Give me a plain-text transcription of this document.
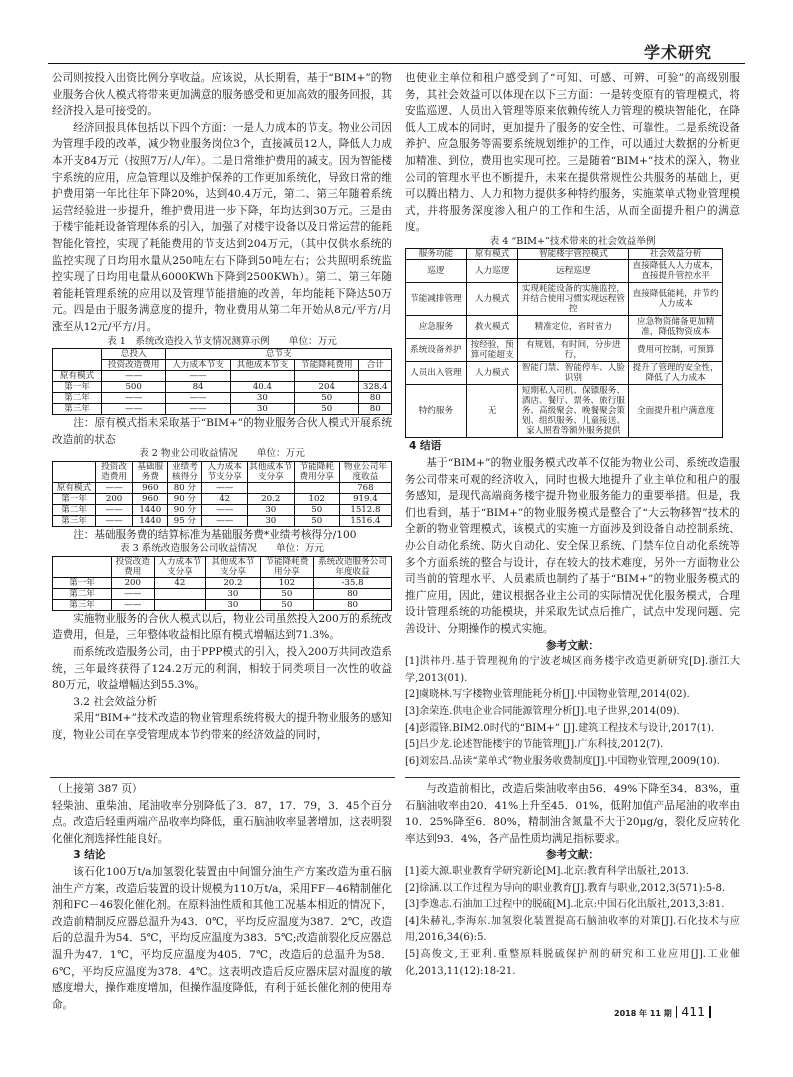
学术研究

公司则按投入出资比例分享收益。应该说，从长期看，基于“BIM+”的物业服务合伙人模式将带来更加满意的服务感受和更加高效的服务回报，其经济投入是可接受的。

经济回报具体包括以下四个方面：一是人力成本的节支。物业公司因为管理手段的改革，减少物业服务岗位3个，直接减员12人，降低人力成本开支84万元（按照7万/人/年）。二是日常维护费用的减支。因为智能楼宇系统的应用，应急管理以及维护保养的工作更加系统化，导致日常的维护费用第一年比往年下降20%，达到40.4万元，第二、第三年随着系统运营经验进一步提升，维护费用进一步下降，年均达到30万元。三是由于楼宇能耗设备管理体系的引入，加强了对楼宇设备以及日常运营的能耗智能化管控，实现了耗能费用的节支达到204万元，（其中仅供水系统的监控实现了日均用水量从250吨左右下降到50吨左右；公共照明系统监控实现了日均用电量从6000KWh下降到2500KWh）。第二、第三年随着能耗管理系统的应用以及管理节能措施的改善，年均能耗下降达50万元。四是由于服务满意度的提升，物业费用从第二年开始从8元/平方/月涨至从12元/平方/月。

表 1　系统改造投入节支情况测算示例　　单位：万元

	总投入	总节支			
	投资改造费用	人力成本节支	其他成本节支	节能降耗费用	合计
原有模式	——	——			
第一年	500	84	40.4	204	328.4
第二年	——	——	30	50	80
第三年	——	——	30	50	80

注：原有模式指未采取基于“BIM+”的物业服务合伙人模式开展系统改造前的状态

表 2 物业公司收益情况　　单位：万元

	投资改造费用	基础服务费	业绩考核得分	人力成本节支分享	其他成本节支分享	节能降耗费用分享	物业公司年度收益
原有模式	——	960	80 分	——			768
第一年	200	960	90 分	42	20.2	102	919.4
第二年	——	1440	90 分	——	30	50	1512.8
第三年	——	1440	95 分	——	30	50	1516.4

注：基础服务费的结算标准为基础服务费*业绩考核得分/100

表 3 系统改造服务公司收益情况　　单位：万元

	投资改造费用	人力成本节支分享	其他成本节支分享	节能降耗费用分享	系统改造服务公司年度收益
第一年	200	42	20.2	102	-35.8
第二年	——		30	50	80
第三年	——		30	50	80

实施物业服务的合伙人模式以后，物业公司虽然投入200万的系统改造费用，但是，三年整体收益相比原有模式增幅达到71.3%。

而系统改造服务公司，由于PPP模式的引入，投入200万共同改造系统，三年最终获得了124.2万元的利润，相较于同类项目一次性的收益80万元，收益增幅达到55.3%。

3.2 社会效益分析

采用“BIM+”技术改造的物业管理系统将极大的提升物业服务的感知度，物业公司在享受管理成本节约带来的经济效益的同时，

也使业主单位和租户感受到了“可知、可感、可辨、可验”的高级别服务，其社会效益可以体现在以下三方面：一是转变原有的管理模式，将安监巡逻、人员出入管理等原来依赖传统人力管理的模块智能化，在降低人工成本的同时，更加提升了服务的安全性、可靠性。二是系统设备养护、应急服务等需要系统规划维护的工作，可以通过大数据的分析更加精准、到位，费用也实现可控。三是随着“BIM+”技术的深入，物业公司的管理水平也不断提升，未来在提供常规性公共服务的基础上，更可以腾出精力、人力和物力提供多种特约服务，实施菜单式物业管理模式，并将服务深度渗入租户的工作和生活，从而全面提升租户的满意度。

表 4 “BIM+”技术带来的社会效益举例

服务功能	原有模式	智能楼宇管控模式	社会效益分析
巡逻	人力巡逻	远程巡逻	直接降低人人力成本，直接提升管控水平
节能减排管理	人力模式	实现耗能设备的实施监控，并结合使用习惯实现远程管控	直接降低能耗，并节约人力成本
应急服务	救火模式	精准定位，省时省力	应急物资储备更加精准，降低物资成本
系统设备养护	按经验，预算可能超支	有规划，有时间，分步进行，	费用可控制，可预算
人员出入管理	人力模式	智能门禁、智能停车、人脸识别	提升了管理的安全性，降低了人力成本
特约服务	无	短期私人司机、保镖服务、酒店、餐厅、票务、旅行服务、高级聚会、晚餐聚会策划、组织服务、儿童接送、家人照看等额外服务提供	全面提升租户满意度

4 结语

基于“BIM+”的物业服务模式改革不仅能为物业公司、系统改造服务公司带来可观的经济收入，同时也极大地提升了业主单位和租户的服务感知，是现代高端商务楼宇提升物业服务能力的重要举措。但是，我们也看到，基于“BIM+”的物业服务模式是整合了“大云物移智”技术的全新的物业管理模式，该模式的实施一方面涉及到设备自动控制系统、办公自动化系统、防火自动化、安全保卫系统、门禁车位自动化系统等多个方面系统的整合与设计，存在较大的技术难度，另外一方面物业公司当前的管理水平、人员素质也制约了基于“BIM+”的物业服务模式的推广应用，因此，建议根据各业主公司的实际情况优化服务模式，合理设计管理系统的功能模块，并采取先试点后推广，试点中发现问题、完善设计、分期操作的模式实施。

参考文献：

[1]洪祎丹.基于管理视角的宁波老城区商务楼宇改造更新研究[D].浙江大学,2013(01).

[2]虞晓林.写字楼物业管理能耗分析[J].中国物业管理,2014(02).

[3]余荣连.供电企业合同能源管理分析[J].电子世界,2014(09).

[4]彭霞锋.BIM2.0时代的“BIM+” [J].建筑工程技术与设计,2017(1).

[5]吕少龙.论述智能楼宇的节能管理[J].广东科技,2012(7).

[6]刘宏昌.品读“菜单式”物业服务收费制度[J].中国物业管理,2009(10).

（上接第 387 页）

轻柴油、重柴油、尾油收率分别降低了3．87，17．79，3．45个百分点。改造后轻重两端产品收率均降低，重石脑油收率显著增加，这表明裂化催化剂选择性能良好。

3 结论

该石化100万t/a加氢裂化装置由中间馏分油生产方案改造为重石脑油生产方案，改造后装置的设计规模为110万t/a，采用FF－46精制催化剂和FC－46裂化催化剂。在原料油性质和其他工况基本相近的情况下，改造前精制反应器总温升为43．0℃，平均反应温度为387．2℃，改造后的总温升为54．5℃，平均反应温度为383．5℃;改造前裂化反应器总温升为47．1℃，平均反应温度为405．7℃，改造后的总温升为58．6℃，平均反应温度为378．4℃。这表明改造后反应器床层对温度的敏感度增大，操作难度增加，但操作温度降低，有利于延长催化剂的使用寿命。

与改造前相比，改造后柴油收率由56．49%下降至34．83%，重石脑油收率由20．41%上升至45．01%，低附加值产品尾油的收率由10．25%降至6．80%，精制油含氮量不大于20μg/g，裂化反应转化率达到93．4%，各产品性质均满足指标要求。

参考文献：

[1]姜大源.职业教育学研究新论[M].北京:教育科学出版社,2013.

[2]徐涵.以工作过程为导向的职业教育[J].教育与职业,2012,3(571):5-8.

[3]李逸志.石油加工过程中的脱硫[M].北京:中国石化出版社,2013,3:81.

[4]朱赫礼,李海东.加氢裂化装置提高石脑油收率的对策[J].石化技术与应用,2016,34(6):5.

[5]高俊文,王亚利.重整原料脱硫保护剂的研究和工业应用[J].工业催化,2013,11(12):18-21.

2018 年 11 期 411
